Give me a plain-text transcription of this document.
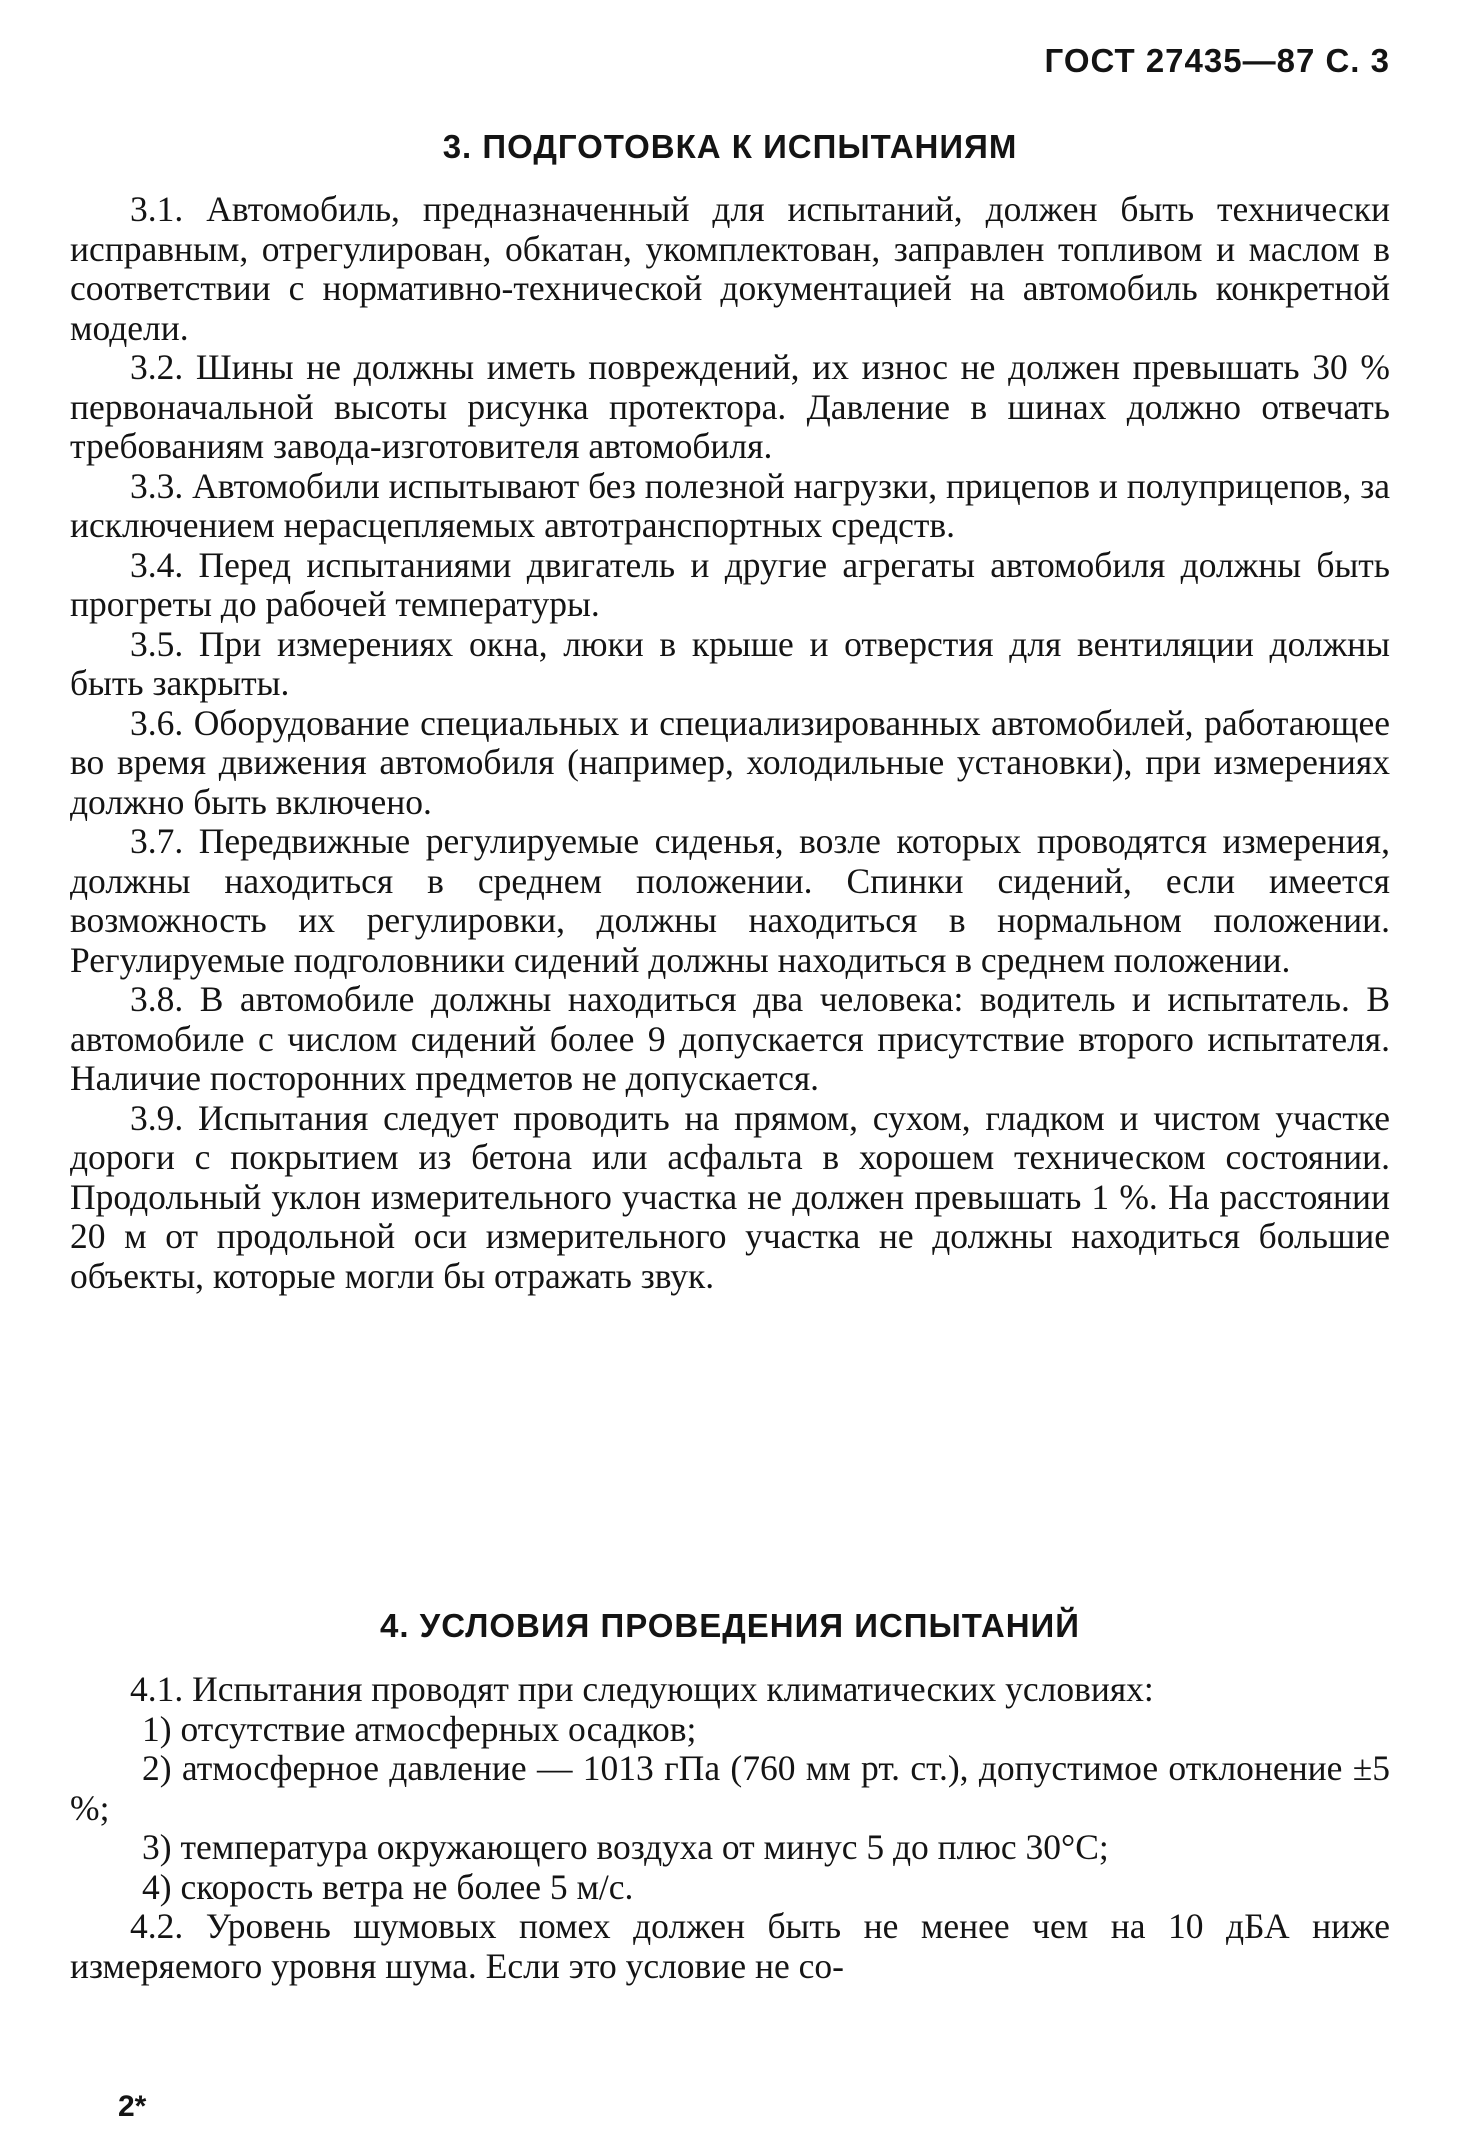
ГОСТ 27435—87 С. 3
3. ПОДГОТОВКА К ИСПЫТАНИЯМ

3.1. Автомобиль, предназначенный для испытаний, должен быть технически исправным, отрегулирован, обкатан, укомплектован, заправлен топливом и маслом в соответствии с нормативно-технической документацией на автомобиль конкретной модели.

3.2. Шины не должны иметь повреждений, их износ не должен превышать 30 % первоначальной высоты рисунка протектора. Давление в шинах должно отвечать требованиям завода-изготовителя автомобиля.

3.3. Автомобили испытывают без полезной нагрузки, прицепов и полуприцепов, за исключением нерасцепляемых автотранспортных средств.

3.4. Перед испытаниями двигатель и другие агрегаты автомобиля должны быть прогреты до рабочей температуры.

3.5. При измерениях окна, люки в крыше и отверстия для вентиляции должны быть закрыты.

3.6. Оборудование специальных и специализированных автомобилей, работающее во время движения автомобиля (например, холодильные установки), при измерениях должно быть включено.

3.7. Передвижные регулируемые сиденья, возле которых проводятся измерения, должны находиться в среднем положении. Спинки сидений, если имеется возможность их регулировки, должны находиться в нормальном положении. Регулируемые подголовники сидений должны находиться в среднем положении.

3.8. В автомобиле должны находиться два человека: водитель и испытатель. В автомобиле с числом сидений более 9 допускается присутствие второго испытателя. Наличие посторонних предметов не допускается.

3.9. Испытания следует проводить на прямом, сухом, гладком и чистом участке дороги с покрытием из бетона или асфальта в хорошем техническом состоянии. Продольный уклон измерительного участка не должен превышать 1 %. На расстоянии 20 м от продольной оси измерительного участка не должны находиться большие объекты, которые могли бы отражать звук.

4. УСЛОВИЯ ПРОВЕДЕНИЯ ИСПЫТАНИЙ

4.1. Испытания проводят при следующих климатических условиях:

1) отсутствие атмосферных осадков;

2) атмосферное давление — 1013 гПа (760 мм рт. ст.), допустимое отклонение ±5 %;

3) температура окружающего воздуха от минус 5 до плюс 30°С;

4) скорость ветра не более 5 м/с.

4.2. Уровень шумовых помех должен быть не менее чем на 10 дБА ниже измеряемого уровня шума. Если это условие не со-

2*
